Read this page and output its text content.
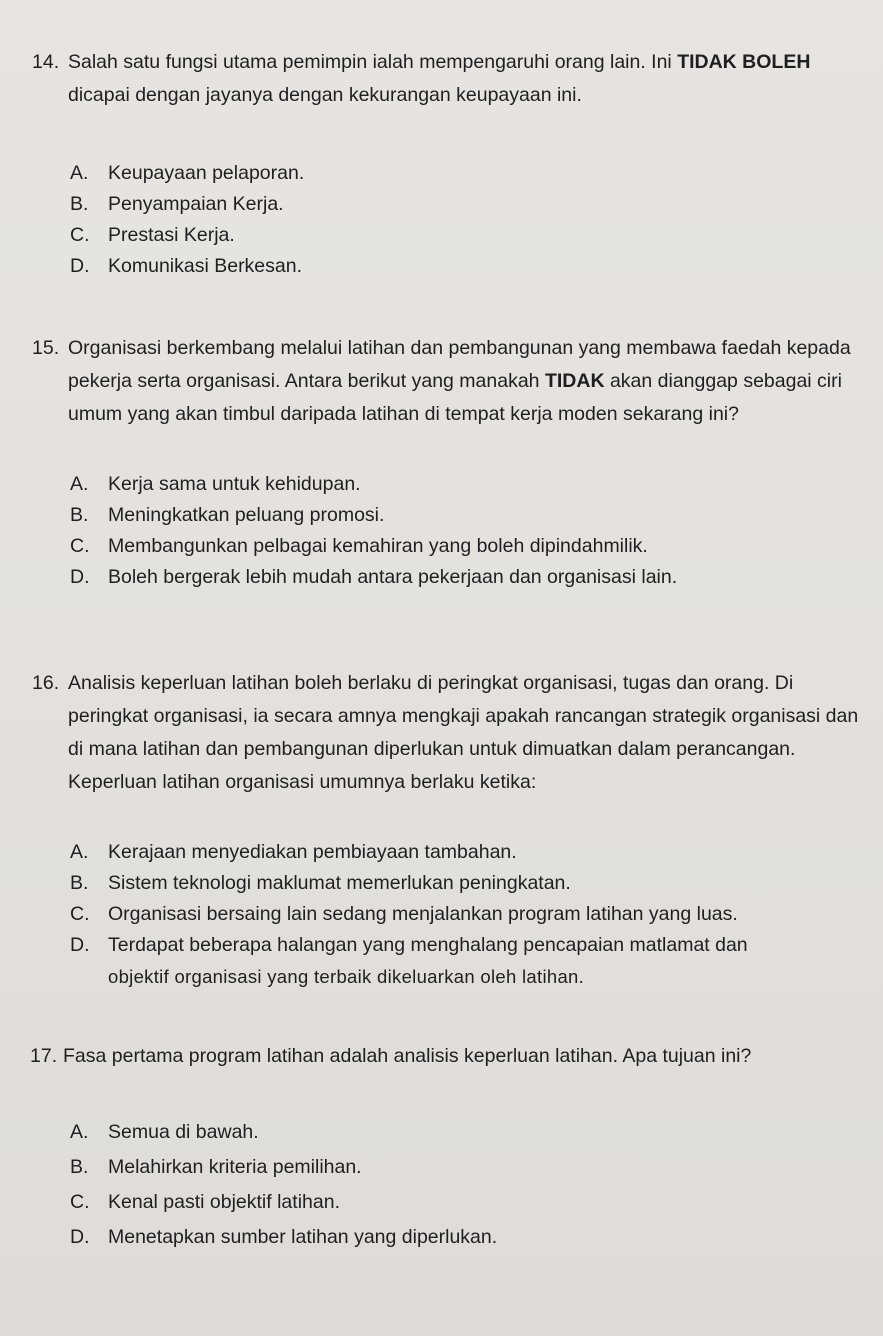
14. Salah satu fungsi utama pemimpin ialah mempengaruhi orang lain. Ini TIDAK BOLEH dicapai dengan jayanya dengan kekurangan keupayaan ini.
A. Keupayaan pelaporan.
B. Penyampaian Kerja.
C. Prestasi Kerja.
D. Komunikasi Berkesan.
15. Organisasi berkembang melalui latihan dan pembangunan yang membawa faedah kepada pekerja serta organisasi. Antara berikut yang manakah TIDAK akan dianggap sebagai ciri umum yang akan timbul daripada latihan di tempat kerja moden sekarang ini?
A. Kerja sama untuk kehidupan.
B. Meningkatkan peluang promosi.
C. Membangunkan pelbagai kemahiran yang boleh dipindahmilik.
D. Boleh bergerak lebih mudah antara pekerjaan dan organisasi lain.
16. Analisis keperluan latihan boleh berlaku di peringkat organisasi, tugas dan orang. Di peringkat organisasi, ia secara amnya mengkaji apakah rancangan strategik organisasi dan di mana latihan dan pembangunan diperlukan untuk dimuatkan dalam perancangan. Keperluan latihan organisasi umumnya berlaku ketika:
A. Kerajaan menyediakan pembiayaan tambahan.
B. Sistem teknologi maklumat memerlukan peningkatan.
C. Organisasi bersaing lain sedang menjalankan program latihan yang luas.
D. Terdapat beberapa halangan yang menghalang pencapaian matlamat dan
objektif organisasi yang terbaik dikeluarkan oleh latihan.
17. Fasa pertama program latihan adalah analisis keperluan latihan. Apa tujuan ini?
A. Semua di bawah.
B. Melahirkan kriteria pemilihan.
C. Kenal pasti objektif latihan.
D. Menetapkan sumber latihan yang diperlukan.
